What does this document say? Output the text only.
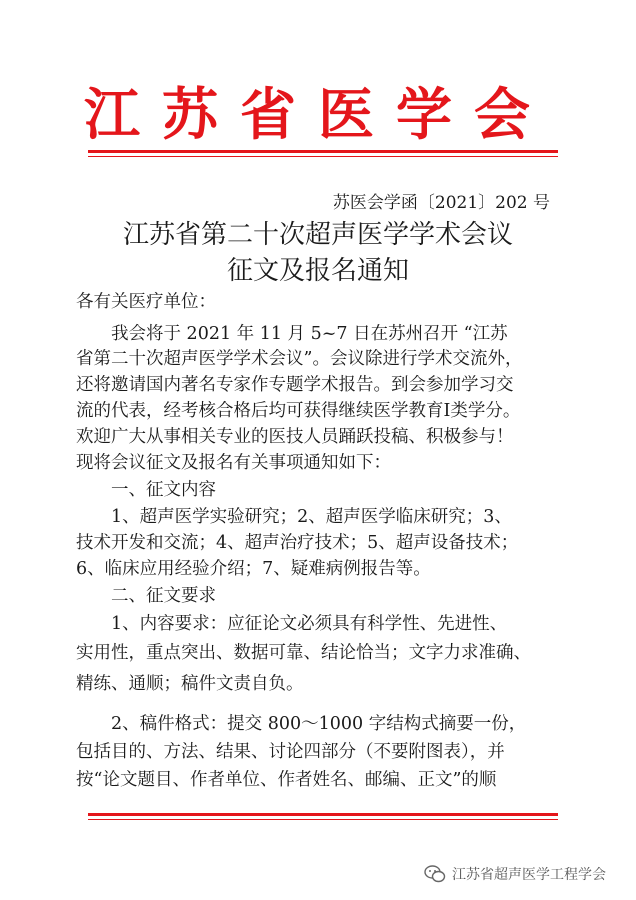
江苏省医学会
苏医会学函〔2021〕202 号
江苏省第二十次超声医学学术会议
征文及报名通知
各有关医疗单位：
　　我会将于 2021 年 11 月 5~7 日在苏州召开 “江苏
省第二十次超声医学学术会议”。会议除进行学术交流外，
还将邀请国内著名专家作专题学术报告。到会参加学习交
流的代表，经考核合格后均可获得继续医学教育Ⅰ类学分。
欢迎广大从事相关专业的医技人员踊跃投稿、积极参与！
现将会议征文及报名有关事项通知如下：
　　一、征文内容
　　1、超声医学实验研究；2、超声医学临床研究；3、
技术开发和交流；4、超声治疗技术；5、超声设备技术；
6、临床应用经验介绍；7、疑难病例报告等。
　　二、征文要求
　　1、内容要求：应征论文必须具有科学性、先进性、
实用性，重点突出、数据可靠、结论恰当；文字力求准确、
精练、通顺；稿件文责自负。
　　2、稿件格式：提交 800～1000 字结构式摘要一份，
包括目的、方法、结果、讨论四部分（不要附图表），并
按“论文题目、作者单位、作者姓名、邮编、正文”的顺
江苏省超声医学工程学会
